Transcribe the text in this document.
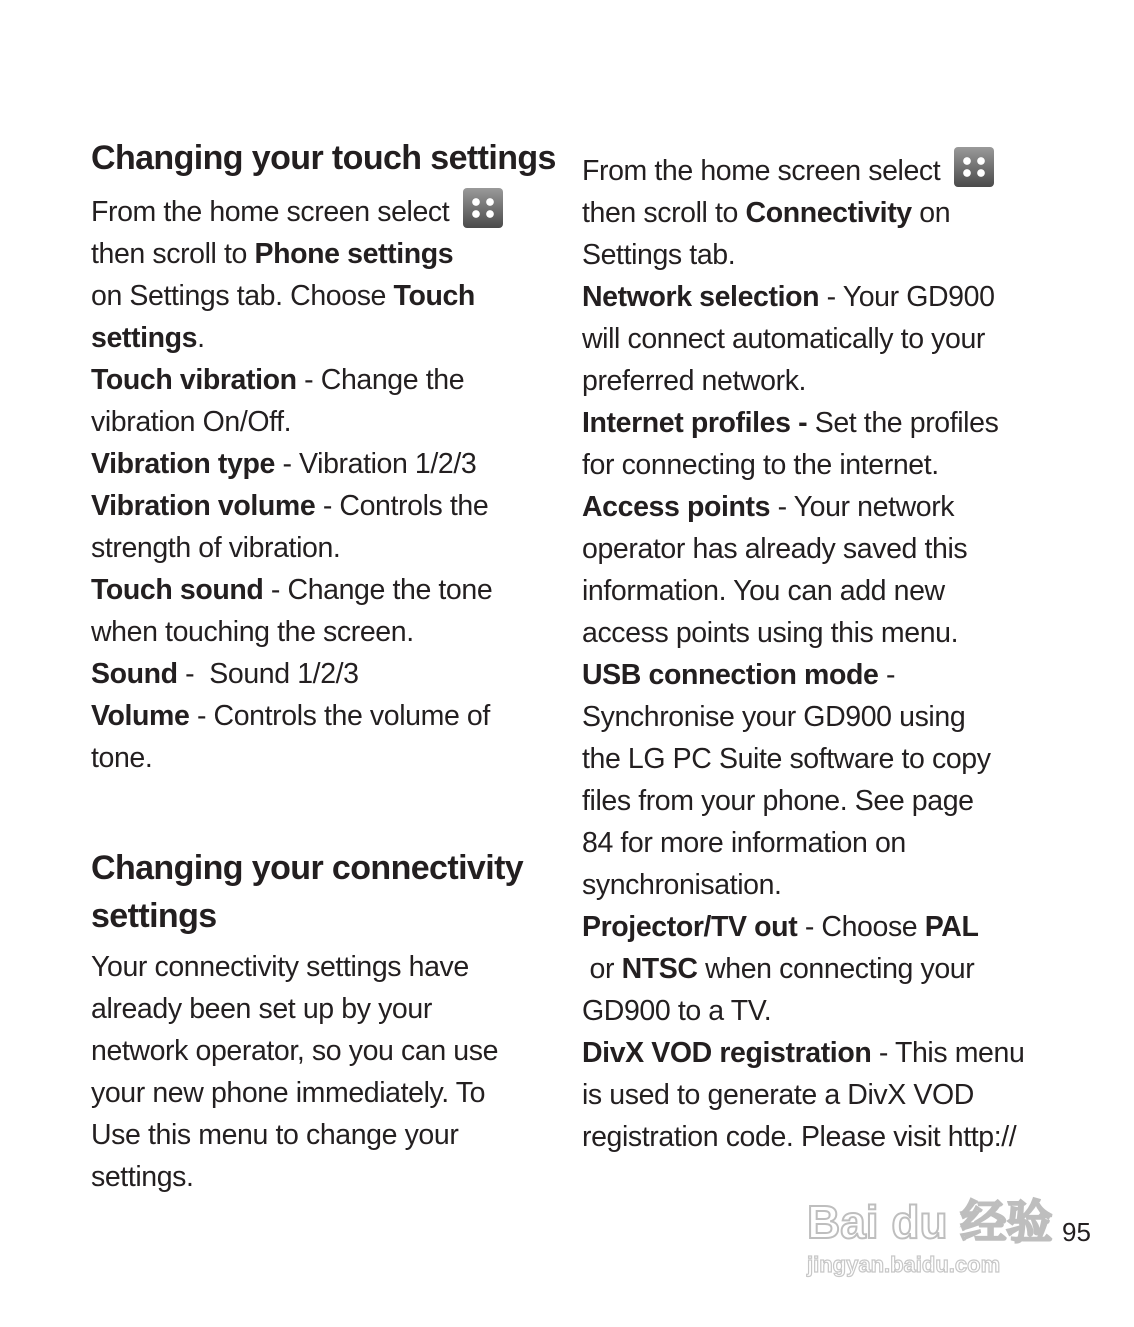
Changing your touch settings

From the home screen select
then scroll to Phone settings
on Settings tab. Choose Touch settings.

Touch vibration - Change the vibration On/Off.

Vibration type - Vibration 1/2/3

Vibration volume - Controls the strength of vibration.

Touch sound - Change the tone when touching the screen.

Sound -  Sound 1/2/3

Volume - Controls the volume of tone.

Changing your connectivity settings

Your connectivity settings have already been set up by your network operator, so you can use your new phone immediately. To Use this menu to change your settings.

From the home screen select
then scroll to Connectivity on Settings tab.

Network selection - Your GD900 will connect automatically to your preferred network.

Internet profiles - Set the profiles for connecting to the internet.

Access points - Your network operator has already saved this information. You can add new access points using this menu.

USB connection mode - Synchronise your GD900 using the LG PC Suite software to copy files from your phone. See page 84 for more information on synchronisation.

Projector/TV out - Choose PAL or NTSC when connecting your GD900 to a TV.

DivX VOD registration - This menu is used to generate a DivX VOD registration code. Please visit http://

Bai du 经验
jingyan.baidu.com
95
